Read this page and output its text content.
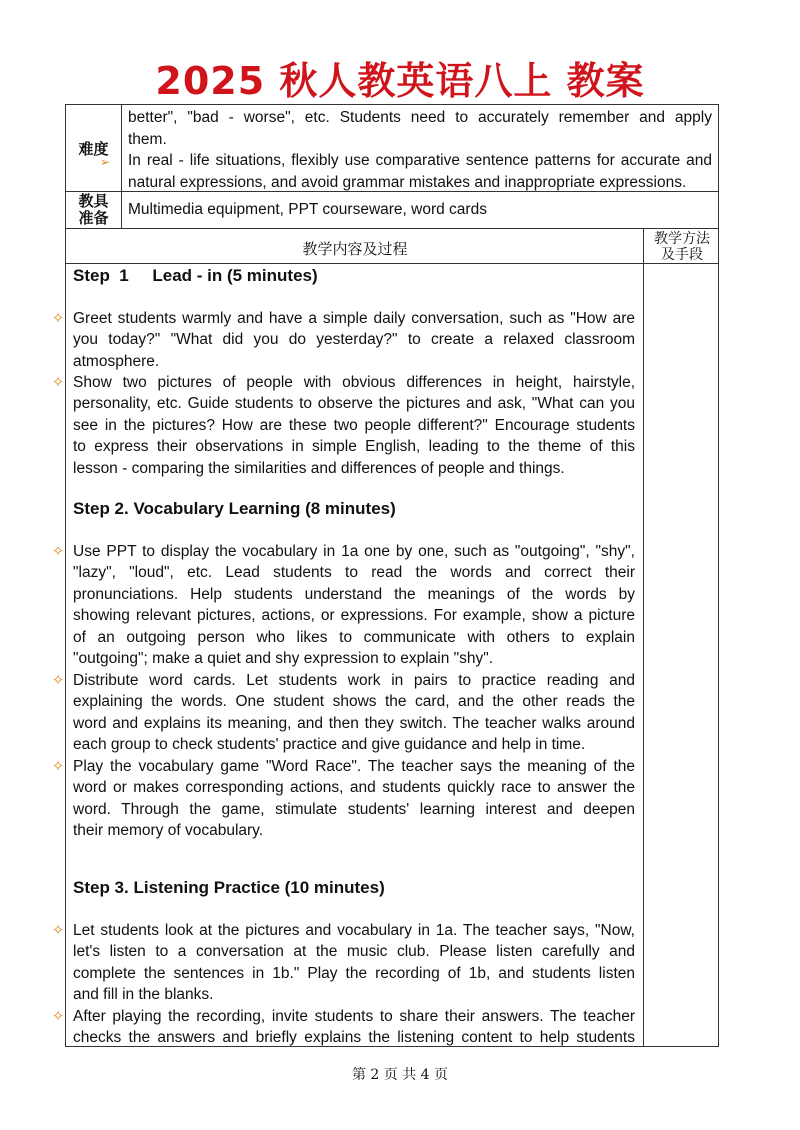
2025 秋人教英语八上 教案
难度
➢
better", "bad - worse", etc. Students need to accurately remember and apply
them.
In real - life situations, flexibly use comparative sentence patterns for accurate and
natural expressions, and avoid grammar mistakes and inappropriate expressions.
教具
准备	Multimedia equipment, PPT courseware, word cards
教学内容及过程
教学方法
及手段
Step  1     Lead - in (5 minutes)
✧ Greet students warmly and have a simple daily conversation, such as "How are
you today?" "What did you do yesterday?" to create a relaxed classroom
atmosphere.
✧ Show two pictures of people with obvious differences in height, hairstyle,
personality, etc. Guide students to observe the pictures and ask, "What can you
see in the pictures? How are these two people different?" Encourage students
to express their observations in simple English, leading to the theme of this
lesson - comparing the similarities and differences of people and things.
Step 2. Vocabulary Learning (8 minutes)
✧ Use PPT to display the vocabulary in 1a one by one, such as "outgoing", "shy",
"lazy", "loud", etc. Lead students to read the words and correct their
pronunciations. Help students understand the meanings of the words by
showing relevant pictures, actions, or expressions. For example, show a picture
of an outgoing person who likes to communicate with others to explain
"outgoing"; make a quiet and shy expression to explain "shy".
✧ Distribute word cards. Let students work in pairs to practice reading and
explaining the words. One student shows the card, and the other reads the
word and explains its meaning, and then they switch. The teacher walks around
each group to check students' practice and give guidance and help in time.
✧ Play the vocabulary game "Word Race". The teacher says the meaning of the
word or makes corresponding actions, and students quickly race to answer the
word. Through the game, stimulate students' learning interest and deepen
their memory of vocabulary.
Step 3. Listening Practice (10 minutes)
✧ Let students look at the pictures and vocabulary in 1a. The teacher says, "Now,
let's listen to a conversation at the music club. Please listen carefully and
complete the sentences in 1b." Play the recording of 1b, and students listen
and fill in the blanks.
✧ After playing the recording, invite students to share their answers. The teacher
checks the answers and briefly explains the listening content to help students
第 2 页 共 4 页
